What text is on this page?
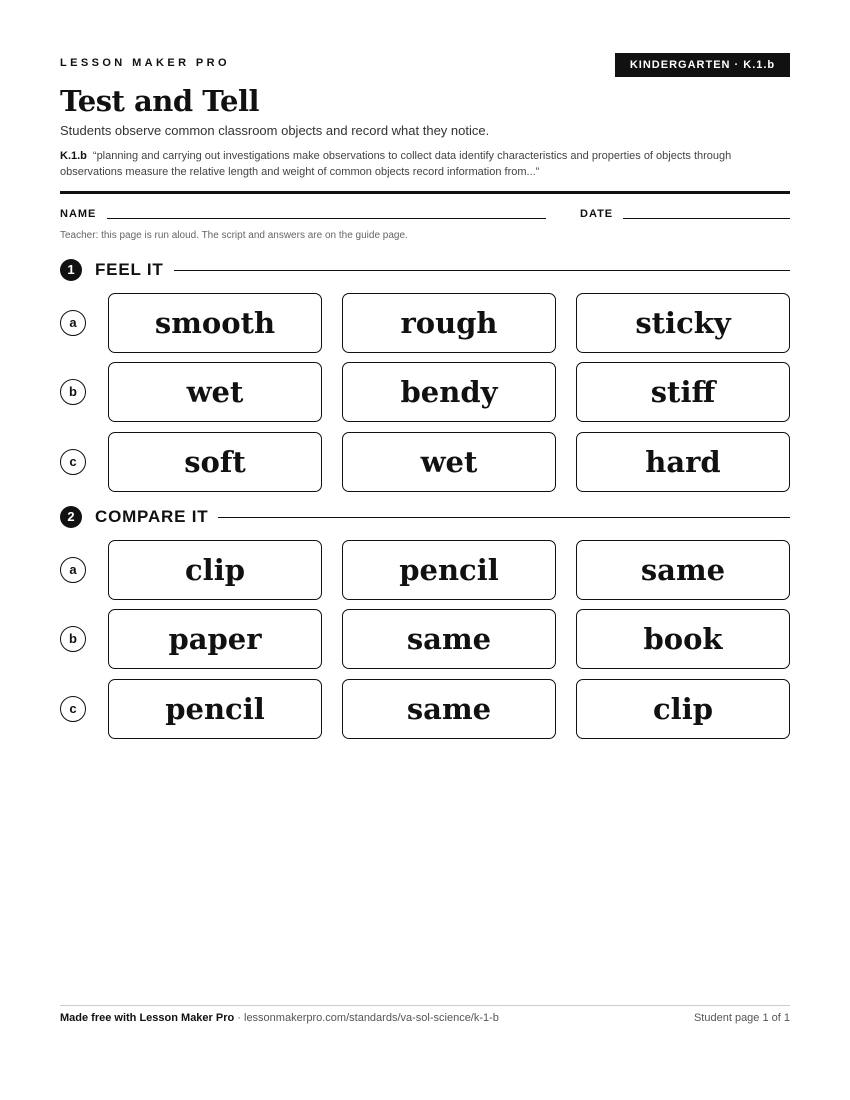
LESSON MAKER PRO	KINDERGARTEN · K.1.b
Test and Tell
Students observe common classroom objects and record what they notice.
K.1.b “planning and carrying out investigations make observations to collect data identify characteristics and properties of objects through observations measure the relative length and weight of common objects record information from...”
NAME	DATE
Teacher: this page is run aloud. The script and answers are on the guide page.
1	FEEL IT
a	smooth	rough	sticky
b	wet	bendy	stiff
c	soft	wet	hard
2	COMPARE IT
a	clip	pencil	same
b	paper	same	book
c	pencil	same	clip
Made free with Lesson Maker Pro · lessonmakerpro.com/standards/va-sol-science/k-1-b	Student page 1 of 1
